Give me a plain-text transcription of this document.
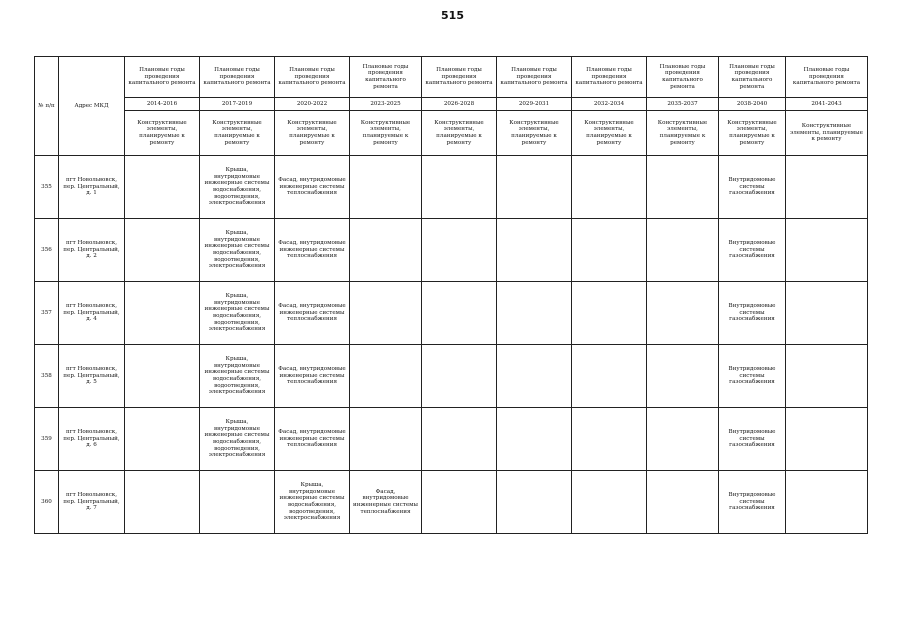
515
№ п/п	Адрес МКД	Плановые годы проведения капитального ремонта	Плановые годы проведения капитального ремонта	Плановые годы проведения капитального ремонта	Плановые годы проведения капитального ремонта	Плановые годы проведения капитального ремонта	Плановые годы проведения капитального ремонта	Плановые годы проведения капитального ремонта	Плановые годы проведения капитального ремонта	Плановые годы проведения капитального ремонта	Плановые годы проведения капитального ремонта
		2014-2016	2017-2019	2020-2022	2023-2025	2026-2028	2029-2031	2032-2034	2035-2037	2038-2040	2041-2043
		Конструктивные элементы, планируемые к ремонту	Конструктивные элементы, планируемые к ремонту	Конструктивные элементы, планируемые к ремонту	Конструктивные элементы, планируемые к ремонту	Конструктивные элементы, планируемые к ремонту	Конструктивные элементы, планируемые к ремонту	Конструктивные элементы, планируемые к ремонту	Конструктивные элементы, планируемые к ремонту	Конструктивные элементы, планируемые к ремонту	Конструктивные элементы, планируемые к ремонту
355	пгт Новольвовск, пер. Центральный, д. 1		Крыша, внутридомовые инженерные системы водоснабжения, водоотведения, электроснабжения	Фасад, внутридомовые инженерные системы теплоснабжения						Внутридомовые системы газоснабжения	
356	пгт Новольвовск, пер. Центральный, д. 2		Крыша, внутридомовые инженерные системы водоснабжения, водоотведения, электроснабжения	Фасад, внутридомовые инженерные системы теплоснабжения						Внутридомовые системы газоснабжения	
357	пгт Новольвовск, пер. Центральный, д. 4		Крыша, внутридомовые инженерные системы водоснабжения, водоотведения, электроснабжения	Фасад, внутридомовые инженерные системы теплоснабжения						Внутридомовые системы газоснабжения	
358	пгт Новольвовск, пер. Центральный, д. 5		Крыша, внутридомовые инженерные системы водоснабжения, водоотведения, электроснабжения	Фасад, внутридомовые инженерные системы теплоснабжения						Внутридомовые системы газоснабжения	
359	пгт Новольвовск, пер. Центральный, д. 6		Крыша, внутридомовые инженерные системы водоснабжения, водоотведения, электроснабжения	Фасад, внутридомовые инженерные системы теплоснабжения						Внутридомовые системы газоснабжения	
360	пгт Новольвовск, пер. Центральный, д. 7			Крыша, внутридомовые инженерные системы водоснабжения, водоотведения, электроснабжения	Фасад, внутридомовые инженерные системы теплоснабжения					Внутридомовые системы газоснабжения	
